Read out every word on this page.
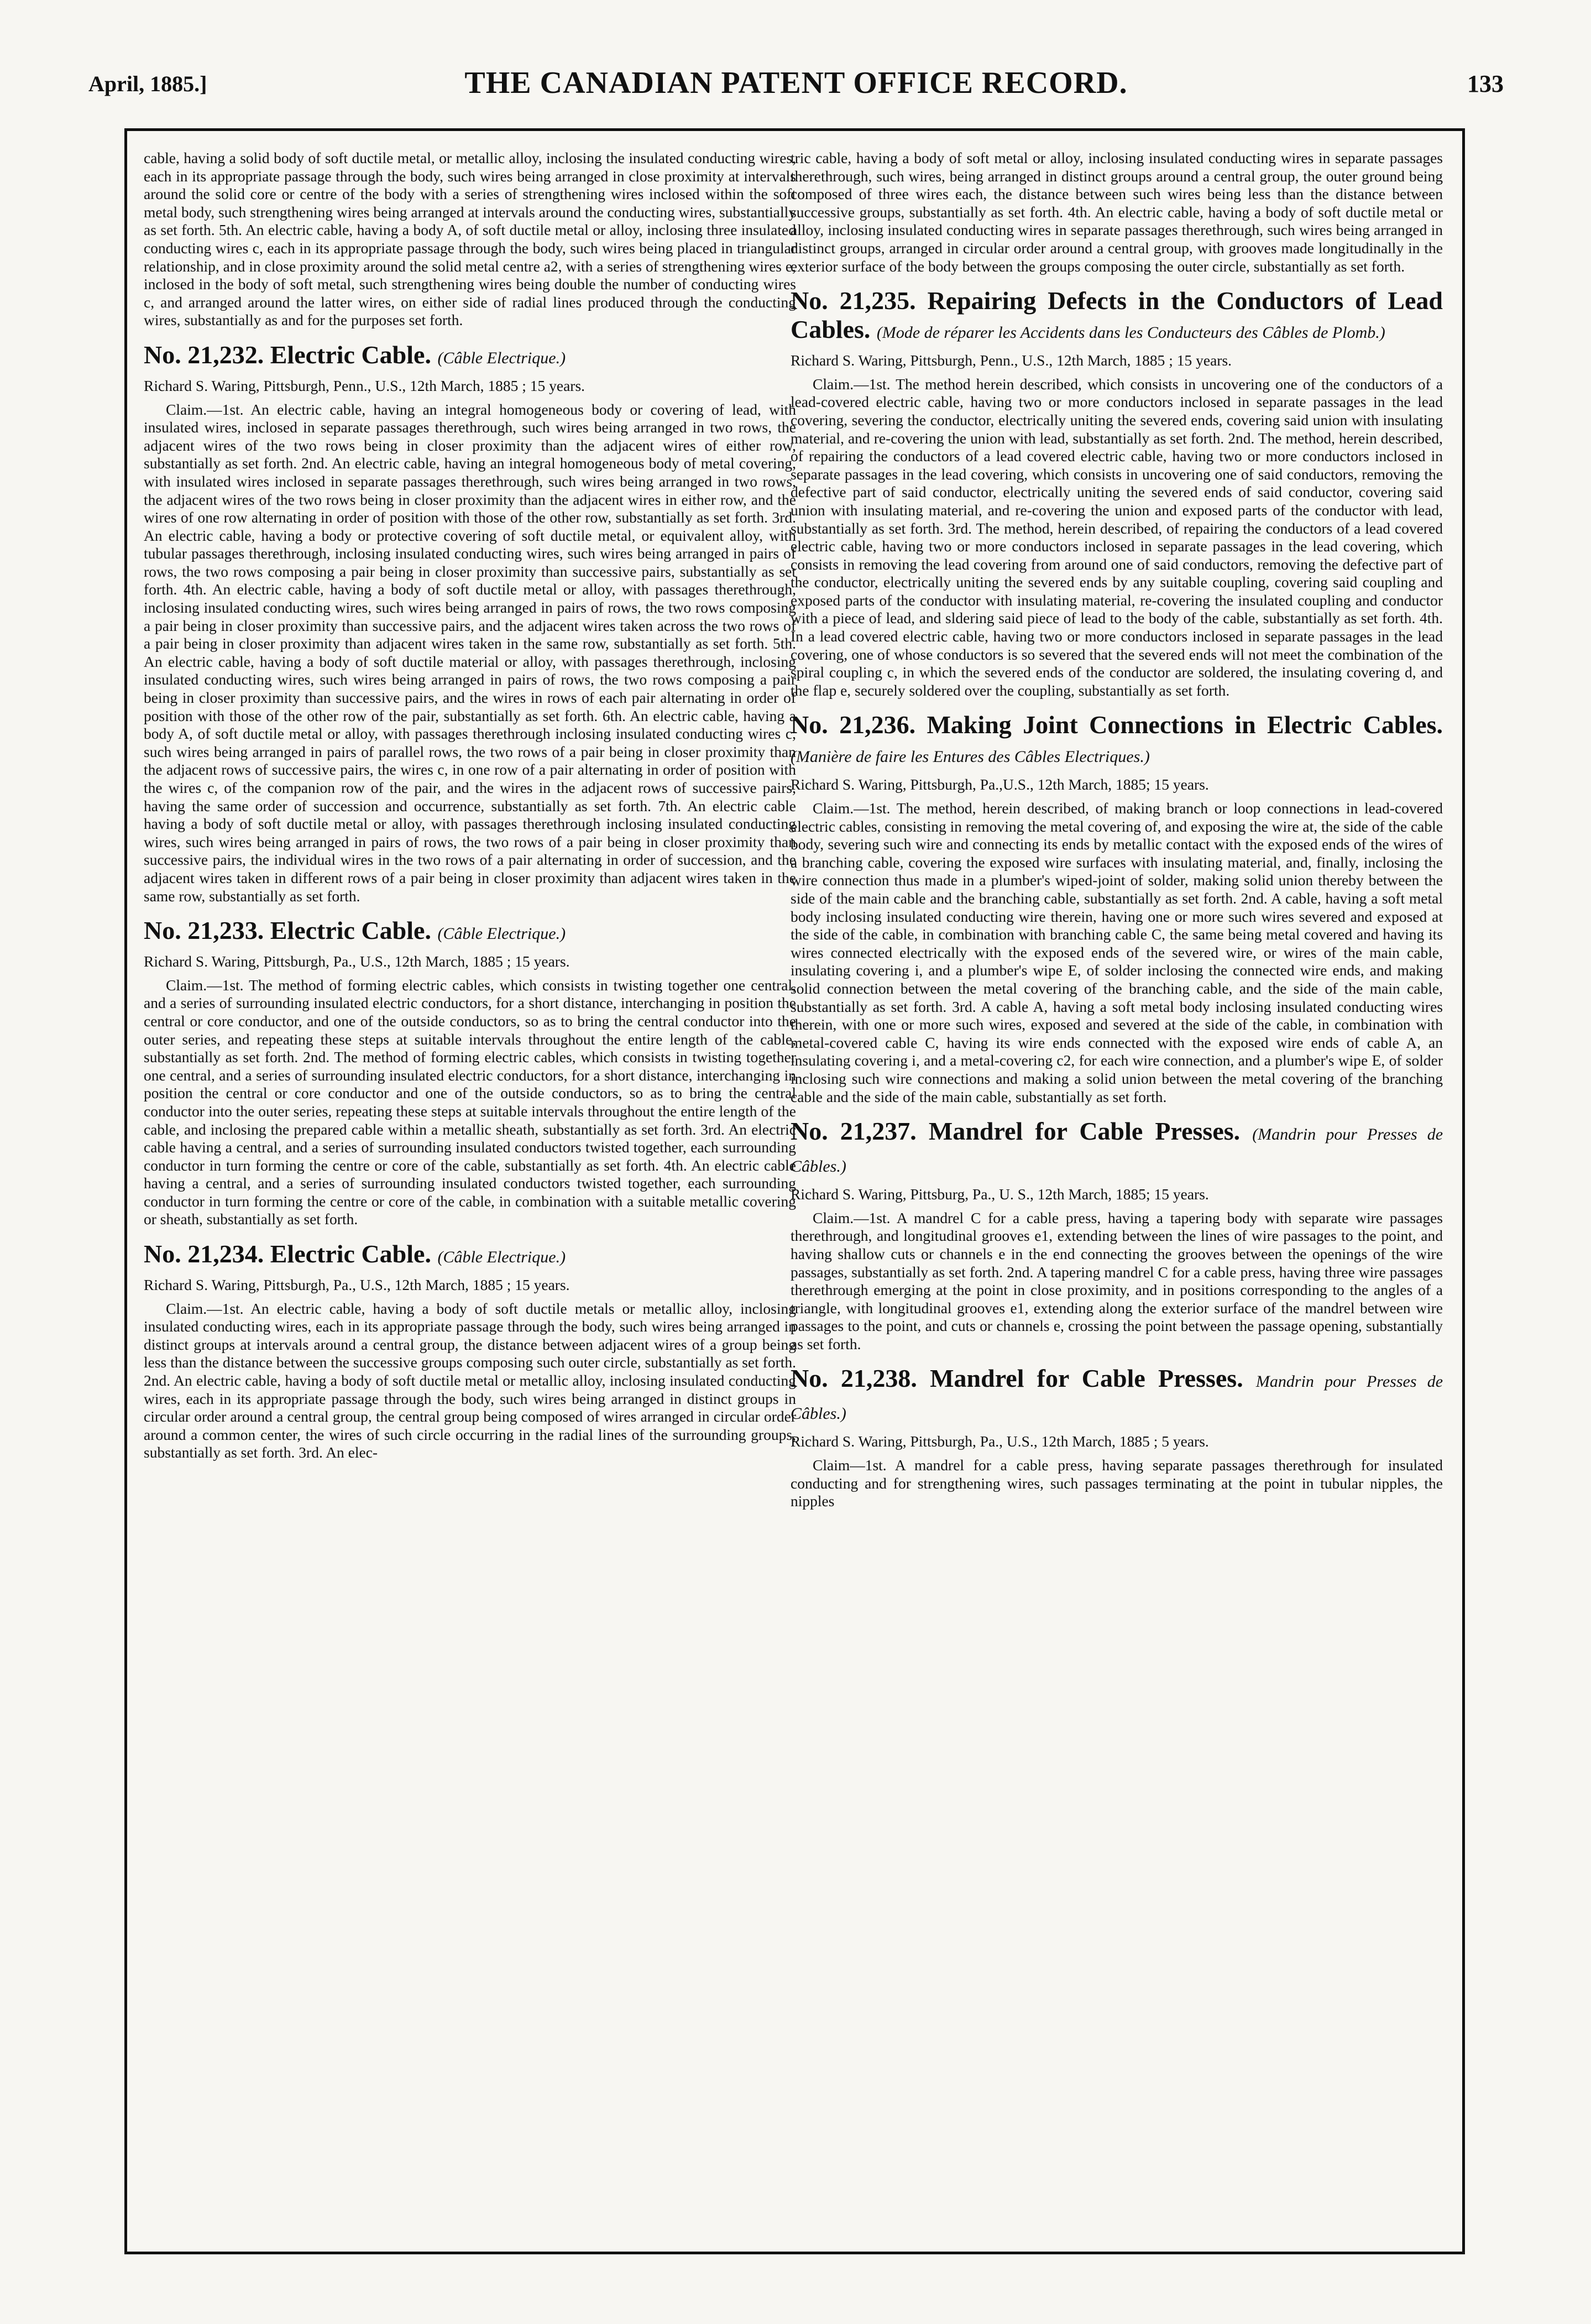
April, 1885.]	THE CANADIAN PATENT OFFICE RECORD.	133

cable, having a solid body of soft ductile metal, or metallic alloy, inclosing the insulated conducting wires, each in its appropriate passage through the body, such wires being arranged in close proximity at intervals around the solid core or centre of the body with a series of strengthening wires inclosed within the soft metal body, such strengthening wires being arranged at intervals around the conducting wires, substantially as set forth. 5th. An electric cable, having a body A, of soft ductile metal or alloy, inclosing three insulated conducting wires c, each in its appropriate passage through the body, such wires being placed in triangular relationship, and in close proximity around the solid metal centre a2, with a series of strengthening wires e, inclosed in the body of soft metal, such strengthening wires being double the number of conducting wires c, and arranged around the latter wires, on either side of radial lines produced through the conducting wires, substantially as and for the purposes set forth.

No. 21,232. Electric Cable. (Câble Electrique.)

Richard S. Waring, Pittsburgh, Penn., U.S., 12th March, 1885 ; 15 years.

Claim.—1st. An electric cable, having an integral homogeneous body or covering of lead, with insulated wires, inclosed in separate passages therethrough, such wires being arranged in two rows, the adjacent wires of the two rows being in closer proximity than the adjacent wires of either row, substantially as set forth. 2nd. An electric cable, having an integral homogeneous body of metal covering, with insulated wires inclosed in separate passages therethrough, such wires being arranged in two rows, the adjacent wires of the two rows being in closer proximity than the adjacent wires in either row, and the wires of one row alternating in order of position with those of the other row, substantially as set forth. 3rd. An electric cable, having a body or protective covering of soft ductile metal, or equivalent alloy, with tubular passages therethrough, inclosing insulated conducting wires, such wires being arranged in pairs of rows, the two rows composing a pair being in closer proximity than successive pairs, substantially as set forth. 4th. An electric cable, having a body of soft ductile metal or alloy, with passages therethrough, inclosing insulated conducting wires, such wires being arranged in pairs of rows, the two rows composing a pair being in closer proximity than successive pairs, and the adjacent wires taken across the two rows of a pair being in closer proximity than adjacent wires taken in the same row, substantially as set forth. 5th. An electric cable, having a body of soft ductile material or alloy, with passages therethrough, inclosing insulated conducting wires, such wires being arranged in pairs of rows, the two rows composing a pair being in closer proximity than successive pairs, and the wires in rows of each pair alternating in order of position with those of the other row of the pair, substantially as set forth. 6th. An electric cable, having a body A, of soft ductile metal or alloy, with passages therethrough inclosing insulated conducting wires c, such wires being arranged in pairs of parallel rows, the two rows of a pair being in closer proximity than the adjacent rows of successive pairs, the wires c, in one row of a pair alternating in order of position with the wires c, of the companion row of the pair, and the wires in the adjacent rows of successive pairs, having the same order of succession and occurrence, substantially as set forth. 7th. An electric cable having a body of soft ductile metal or alloy, with passages therethrough inclosing insulated conducting wires, such wires being arranged in pairs of rows, the two rows of a pair being in closer proximity than successive pairs, the individual wires in the two rows of a pair alternating in order of succession, and the adjacent wires taken in different rows of a pair being in closer proximity than adjacent wires taken in the same row, substantially as set forth.

No. 21,233. Electric Cable. (Câble Electrique.)

Richard S. Waring, Pittsburgh, Pa., U.S., 12th March, 1885 ; 15 years.

Claim.—1st. The method of forming electric cables, which consists in twisting together one central, and a series of surrounding insulated electric conductors, for a short distance, interchanging in position the central or core conductor, and one of the outside conductors, so as to bring the central conductor into the outer series, and repeating these steps at suitable intervals throughout the entire length of the cable, substantially as set forth. 2nd. The method of forming electric cables, which consists in twisting together one central, and a series of surrounding insulated electric conductors, for a short distance, interchanging in position the central or core conductor and one of the outside conductors, so as to bring the central conductor into the outer series, repeating these steps at suitable intervals throughout the entire length of the cable, and inclosing the prepared cable within a metallic sheath, substantially as set forth. 3rd. An electric cable having a central, and a series of surrounding insulated conductors twisted together, each surrounding conductor in turn forming the centre or core of the cable, substantially as set forth. 4th. An electric cable having a central, and a series of surrounding insulated conductors twisted together, each surrounding conductor in turn forming the centre or core of the cable, in combination with a suitable metallic covering or sheath, substantially as set forth.

No. 21,234. Electric Cable. (Câble Electrique.)

Richard S. Waring, Pittsburgh, Pa., U.S., 12th March, 1885 ; 15 years.

Claim.—1st. An electric cable, having a body of soft ductile metals or metallic alloy, inclosing insulated conducting wires, each in its appropriate passage through the body, such wires being arranged in distinct groups at intervals around a central group, the distance between adjacent wires of a group being less than the distance between the successive groups composing such outer circle, substantially as set forth. 2nd. An electric cable, having a body of soft ductile metal or metallic alloy, inclosing insulated conducting wires, each in its appropriate passage through the body, such wires being arranged in distinct groups in circular order around a central group, the central group being composed of wires arranged in circular order around a common center, the wires of such circle occurring in the radial lines of the surrounding groups, substantially as set forth. 3rd. An elec-

tric cable, having a body of soft metal or alloy, inclosing insulated conducting wires in separate passages therethrough, such wires, being arranged in distinct groups around a central group, the outer ground being composed of three wires each, the distance between such wires being less than the distance between successive groups, substantially as set forth. 4th. An electric cable, having a body of soft ductile metal or alloy, inclosing insulated conducting wires in separate passages therethrough, such wires being arranged in distinct groups, arranged in circular order around a central group, with grooves made longitudinally in the exterior surface of the body between the groups composing the outer circle, substantially as set forth.

No. 21,235. Repairing Defects in the Conductors of Lead Cables. (Mode de réparer les Accidents dans les Conducteurs des Câbles de Plomb.)

Richard S. Waring, Pittsburgh, Penn., U.S., 12th March, 1885 ; 15 years.

Claim.—1st. The method herein described, which consists in uncovering one of the conductors of a lead-covered electric cable, having two or more conductors inclosed in separate passages in the lead covering, severing the conductor, electrically uniting the severed ends, covering said union with insulating material, and re-covering the union with lead, substantially as set forth. 2nd. The method, herein described, of repairing the conductors of a lead covered electric cable, having two or more conductors inclosed in separate passages in the lead covering, which consists in uncovering one of said conductors, removing the defective part of said conductor, electrically uniting the severed ends of said conductor, covering said union with insulating material, and re-covering the union and exposed parts of the conductor with lead, substantially as set forth. 3rd. The method, herein described, of repairing the conductors of a lead covered electric cable, having two or more conductors inclosed in separate passages in the lead covering, which consists in removing the lead covering from around one of said conductors, removing the defective part of the conductor, electrically uniting the severed ends by any suitable coupling, covering said coupling and exposed parts of the conductor with insulating material, re-covering the insulated coupling and conductor with a piece of lead, and sldering said piece of lead to the body of the cable, substantially as set forth. 4th. In a lead covered electric cable, having two or more conductors inclosed in separate passages in the lead covering, one of whose conductors is so severed that the severed ends will not meet the combination of the spiral coupling c, in which the severed ends of the conductor are soldered, the insulating covering d, and the flap e, securely soldered over the coupling, substantially as set forth.

No. 21,236. Making Joint Connections in Electric Cables. (Manière de faire les Entures des Câbles Electriques.)

Richard S. Waring, Pittsburgh, Pa.,U.S., 12th March, 1885; 15 years.

Claim.—1st. The method, herein described, of making branch or loop connections in lead-covered electric cables, consisting in removing the metal covering of, and exposing the wire at, the side of the cable body, severing such wire and connecting its ends by metallic contact with the exposed ends of the wires of a branching cable, covering the exposed wire surfaces with insulating material, and, finally, inclosing the wire connection thus made in a plumber's wiped-joint of solder, making solid union thereby between the side of the main cable and the branching cable, substantially as set forth. 2nd. A cable, having a soft metal body inclosing insulated conducting wire therein, having one or more such wires severed and exposed at the side of the cable, in combination with branching cable C, the same being metal covered and having its wires connected electrically with the exposed ends of the severed wire, or wires of the main cable, insulating covering i, and a plumber's wipe E, of solder inclosing the connected wire ends, and making solid connection between the metal covering of the branching cable, and the side of the main cable, substantially as set forth. 3rd. A cable A, having a soft metal body inclosing insulated conducting wires therein, with one or more such wires, exposed and severed at the side of the cable, in combination with metal-covered cable C, having its wire ends connected with the exposed wire ends of cable A, an insulating covering i, and a metal-covering c2, for each wire connection, and a plumber's wipe E, of solder inclosing such wire connections and making a solid union between the metal covering of the branching cable and the side of the main cable, substantially as set forth.

No. 21,237. Mandrel for Cable Presses. (Mandrin pour Presses de Câbles.)

Richard S. Waring, Pittsburg, Pa., U. S., 12th March, 1885; 15 years.

Claim.—1st. A mandrel C for a cable press, having a tapering body with separate wire passages therethrough, and longitudinal grooves e1, extending between the lines of wire passages to the point, and having shallow cuts or channels e in the end connecting the grooves between the openings of the wire passages, substantially as set forth. 2nd. A tapering mandrel C for a cable press, having three wire passages therethrough emerging at the point in close proximity, and in positions corresponding to the angles of a triangle, with longitudinal grooves e1, extending along the exterior surface of the mandrel between wire passages to the point, and cuts or channels e, crossing the point between the passage opening, substantially as set forth.

No. 21,238. Mandrel for Cable Presses. Mandrin pour Presses de Câbles.)

Richard S. Waring, Pittsburgh, Pa., U.S., 12th March, 1885 ; 5 years.

Claim—1st. A mandrel for a cable press, having separate passages therethrough for insulated conducting and for strengthening wires, such passages terminating at the point in tubular nipples, the nipples
